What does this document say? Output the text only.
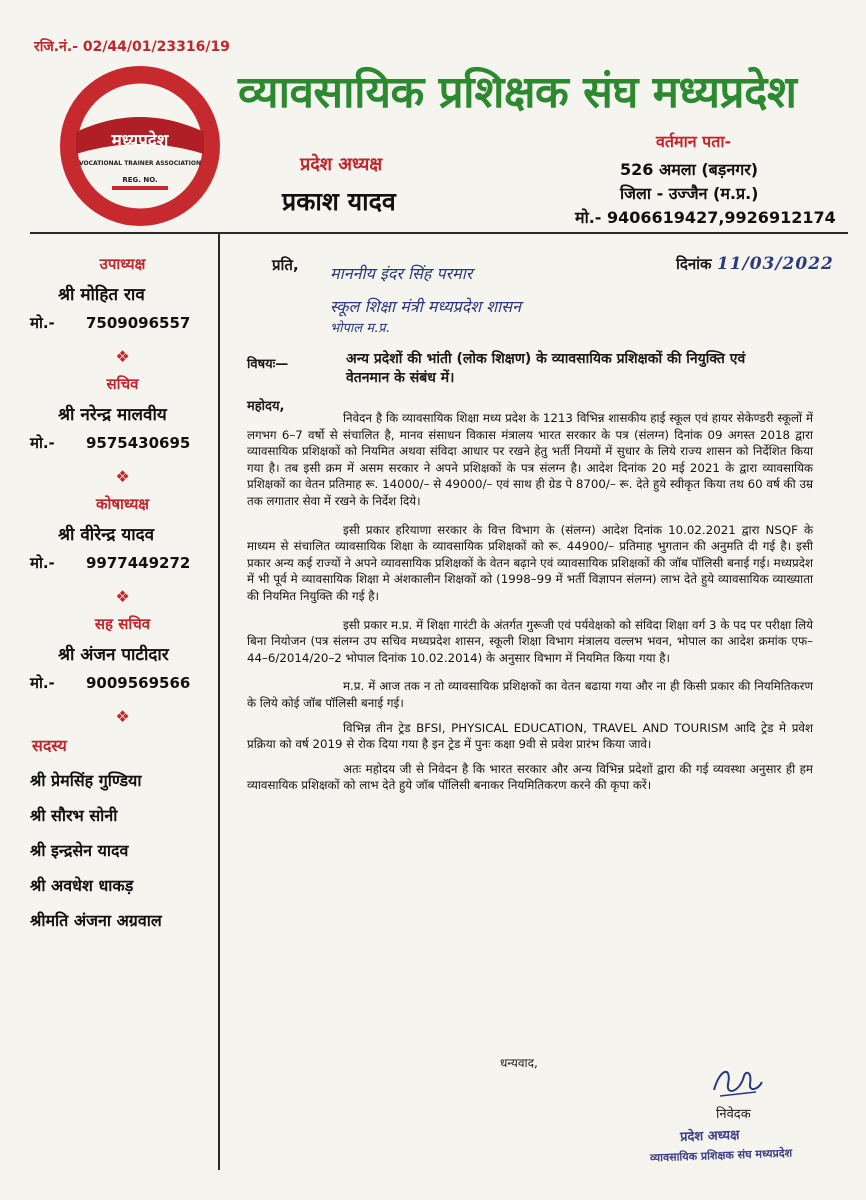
रजि.नं.- 02/44/01/23316/19
मध्यप्रदेश
VOCATIONAL TRAINER ASSOCIATION
REG. NO.
व्यावसायिक प्रशिक्षक संघ मध्यप्रदेश
प्रदेश अध्यक्ष
प्रकाश यादव
वर्तमान पता-
526 अमला (बड़नगर)
जिला - उज्जैन (म.प्र.)
मो.- 9406619427,9926912174
उपाध्यक्ष
श्री मोहित राव
मो.- 7509096557
❖
सचिव
श्री नरेन्द्र मालवीय
मो.- 9575430695
❖
कोषाध्यक्ष
श्री वीरेन्द्र यादव
मो.- 9977449272
❖
सह सचिव
श्री अंजन पाटीदार
मो.- 9009569566
❖
सदस्य
श्री प्रेमसिंह गुण्डिया
श्री सौरभ सोनी
श्री इन्द्रसेन यादव
श्री अवधेश धाकड़
श्रीमति अंजना अग्रवाल
प्रति,	दिनांक 11/03/2022
माननीय इंदर सिंह परमार
स्कूल शिक्षा मंत्री मध्यप्रदेश शासन
भोपाल म.प्र.
विषयः—	अन्य प्रदेशों की भांती (लोक शिक्षण) के व्यावसायिक प्रशिक्षकों की नियुक्ति एवं वेतनमान के संबंध में।
महोदय,

निवेदन है कि व्यावसायिक शिक्षा मध्य प्रदेश के 1213 विभिन्न शासकीय हाई स्कूल एवं हायर सेकेण्डरी स्कूलों में लगभग 6–7 वर्षो से संचालित है, मानव संसाधन विकास मंत्रालय भारत सरकार के पत्र (संलग्न) दिनांक 09 अगस्त 2018 द्वारा व्यावसायिक प्रशिक्षकों को नियमित अथवा संविदा आधार पर रखने हेतु भर्ती नियमों में सुधार के लिये राज्य शासन को निर्देशित किया गया है। तब इसी क्रम में असम सरकार ने अपने प्रशिक्षकों के पत्र संलग्न है। आदेश दिनांक 20 मई 2021 के द्वारा व्यावसायिक प्रशिक्षकों का वेतन प्रतिमाह रू. 14000/– से 49000/– एवं साथ ही ग्रेड पे 8700/– रू. देते हुये स्वीकृत किया तथ 60 वर्ष की उम्र तक लगातार सेवा में रखने के निर्देश दिये।

इसी प्रकार हरियाणा सरकार के वित्त विभाग के (संलग्न) आदेश दिनांक 10.02.2021 द्वारा NSQF के माध्यम से संचालित व्यावसायिक शिक्षा के व्यावसायिक प्रशिक्षकों को रू. 44900/– प्रतिमाह भुगतान की अनुमति दी गई है। इसी प्रकार अन्य कई राज्यों ने अपने व्यावसायिक प्रशिक्षकों के वेतन बढ़ाने एवं व्यावसायिक प्रशिक्षकों की जॉब पॉलिसी बनाई गई। मध्यप्रदेश में भी पूर्व मे व्यावसायिक शिक्षा मे अंशकालीन शिक्षकों को (1998–99 में भर्ती विज्ञापन संलग्न) लाभ देते हुये व्यावसायिक व्याख्याता की नियमित नियुक्ति की गई है।

इसी प्रकार म.प्र. में शिक्षा गारंटी के अंतर्गत गुरूजी एवं पर्यवेक्षको को संविदा शिक्षा वर्ग 3 के पद पर परीक्षा लिये बिना नियोजन (पत्र संलग्न उप सचिव मध्यप्रदेश शासन, स्कूली शिक्षा विभाग मंत्रालय वल्लभ भवन, भोपाल का आदेश क्रमांक एफ–44–6/2014/20–2 भोपाल दिनांक 10.02.2014) के अनुसार विभाग में नियमित किया गया है।

म.प्र. में आज तक न तो व्यावसायिक प्रशिक्षकों का वेतन बढाया गया और ना ही किसी प्रकार की नियमितिकरण के लिये कोई जॉब पॉलिसी बनाई गई।

विभिन्न तीन ट्रेड BFSI, PHYSICAL EDUCATION, TRAVEL AND TOURISM आदि ट्रेड मे प्रवेश प्रक्रिया को वर्ष 2019 से रोक दिया गया है इन ट्रेड में पुनः कक्षा 9वी से प्रवेश प्रारंभ किया जावे।

अतः महोदय जी से निवेदन है कि भारत सरकार और अन्य विभिन्न प्रदेशों द्वारा की गई व्यवस्था अनुसार ही हम व्यावसायिक प्रशिक्षकों को लाभ देते हुये जॉब पॉलिसी बनाकर नियमितिकरण करने की कृपा करें।

धन्यवाद,
निवेदक
प्रदेश अध्यक्ष
व्यावसायिक प्रशिक्षक संघ मध्यप्रदेश
